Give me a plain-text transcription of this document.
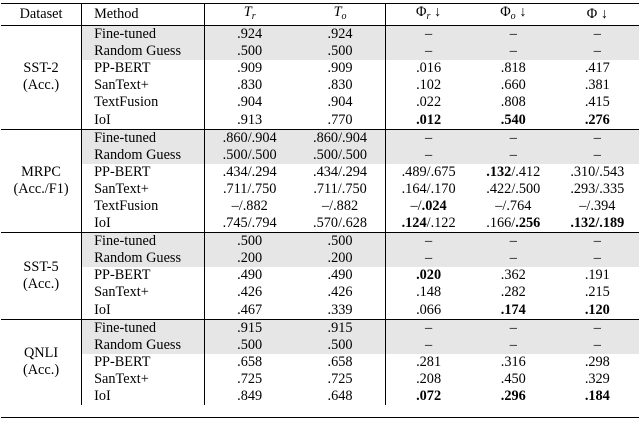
Dataset	Method	$T_r$	$T_o$	$\Phi_r$ ↓	$\Phi_o$ ↓	Φ ↓

SST-2
(Acc.)	Fine-tuned	.924	.924	–	–	–
	Random Guess	.500	.500	–	–	–
	PP-BERT	.909	.909	.016	.818	.417
	SanText+	.830	.830	.102	.660	.381
	TextFusion	.904	.904	.022	.808	.415
	IoI	.913	.770	.012	.540	.276

MRPC
(Acc./F1)	Fine-tuned	.860/.904	.860/.904	–	–	–
	Random Guess	.500/.500	.500/.500	–	–	–
	PP-BERT	.434/.294	.434/.294	.489/.675	.132/.412	.310/.543
	SanText+	.711/.750	.711/.750	.164/.170	.422/.500	.293/.335
	TextFusion	–/.882	–/.882	–/.024	–/.764	–/.394
	IoI	.745/.794	.570/.628	.124/.122	.166/.256	.132/.189

SST-5
(Acc.)	Fine-tuned	.500	.500	–	–	–
	Random Guess	.200	.200	–	–	–
	PP-BERT	.490	.490	.020	.362	.191
	SanText+	.426	.426	.148	.282	.215
	IoI	.467	.339	.066	.174	.120

QNLI
(Acc.)	Fine-tuned	.915	.915	–	–	–
	Random Guess	.500	.500	–	–	–
	PP-BERT	.658	.658	.281	.316	.298
	SanText+	.725	.725	.208	.450	.329
	IoI	.849	.648	.072	.296	.184
